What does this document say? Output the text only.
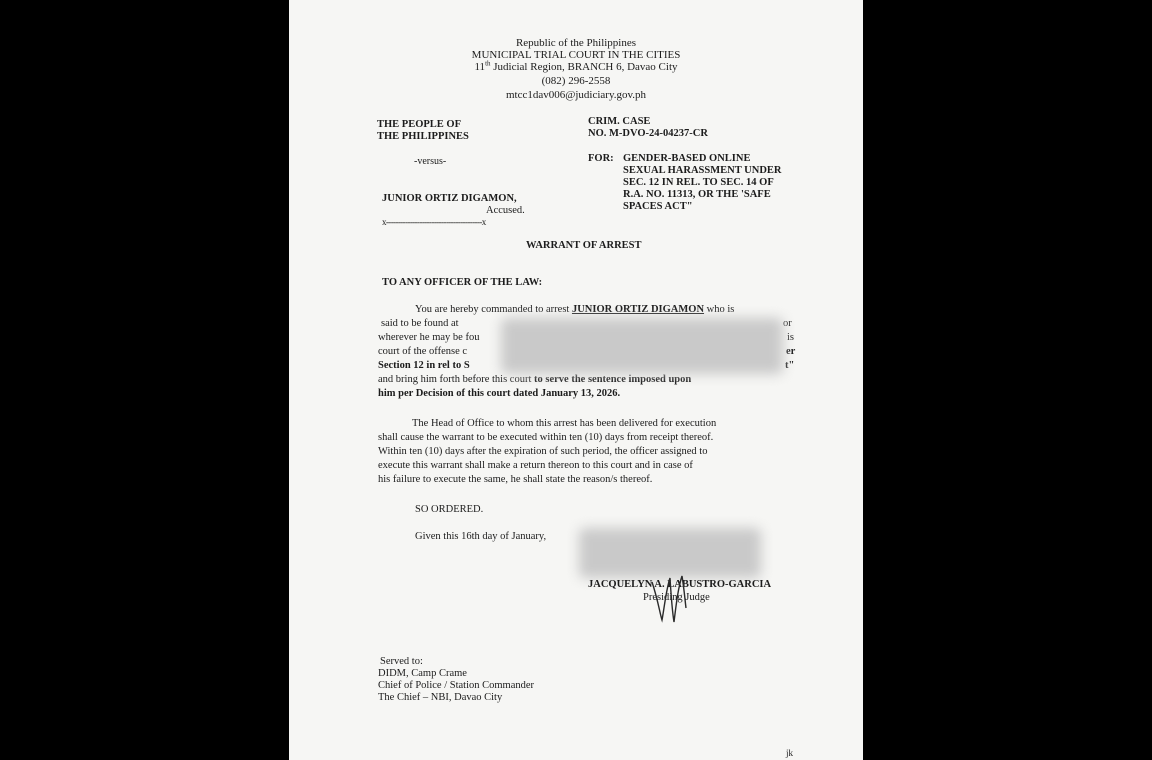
Republic of the Philippines
MUNICIPAL TRIAL COURT IN THE CITIES
11th Judicial Region, BRANCH 6, Davao City
(082) 296-2558
mtcc1dav006@judiciary.gov.ph
THE PEOPLE OF
THE PHILIPPINES
-versus-
JUNIOR ORTIZ DIGAMON,
Accused.
x----------------------------------------x
CRIM. CASE
NO. M-DVO-24-04237-CR
FOR: GENDER-BASED ONLINE
SEXUAL HARASSMENT UNDER
SEC. 12 IN REL. TO SEC. 14 OF
R.A. NO. 11313, OR THE 'SAFE
SPACES ACT"
WARRANT OF ARREST
TO ANY OFFICER OF THE LAW:
You are hereby commanded to arrest JUNIOR ORTIZ DIGAMON who is
said to be found at	or
wherever he may be fou	is
court of the offense c	er
Section 12 in rel to S	t"
and bring him forth before this court to serve the sentence imposed upon
him per Decision of this court dated January 13, 2026.
The Head of Office to whom this arrest has been delivered for execution
shall cause the warrant to be executed within ten (10) days from receipt thereof.
Within ten (10) days after the expiration of such period, the officer assigned to
execute this warrant shall make a return thereon to this court and in case of
his failure to execute the same, he shall state the reason/s thereof.
SO ORDERED.
Given this 16th day of January,
JACQUELYN A. LABUSTRO-GARCIA
Presiding Judge
Served to:
DIDM, Camp Crame
Chief of Police / Station Commander
The Chief – NBI, Davao City
jk
